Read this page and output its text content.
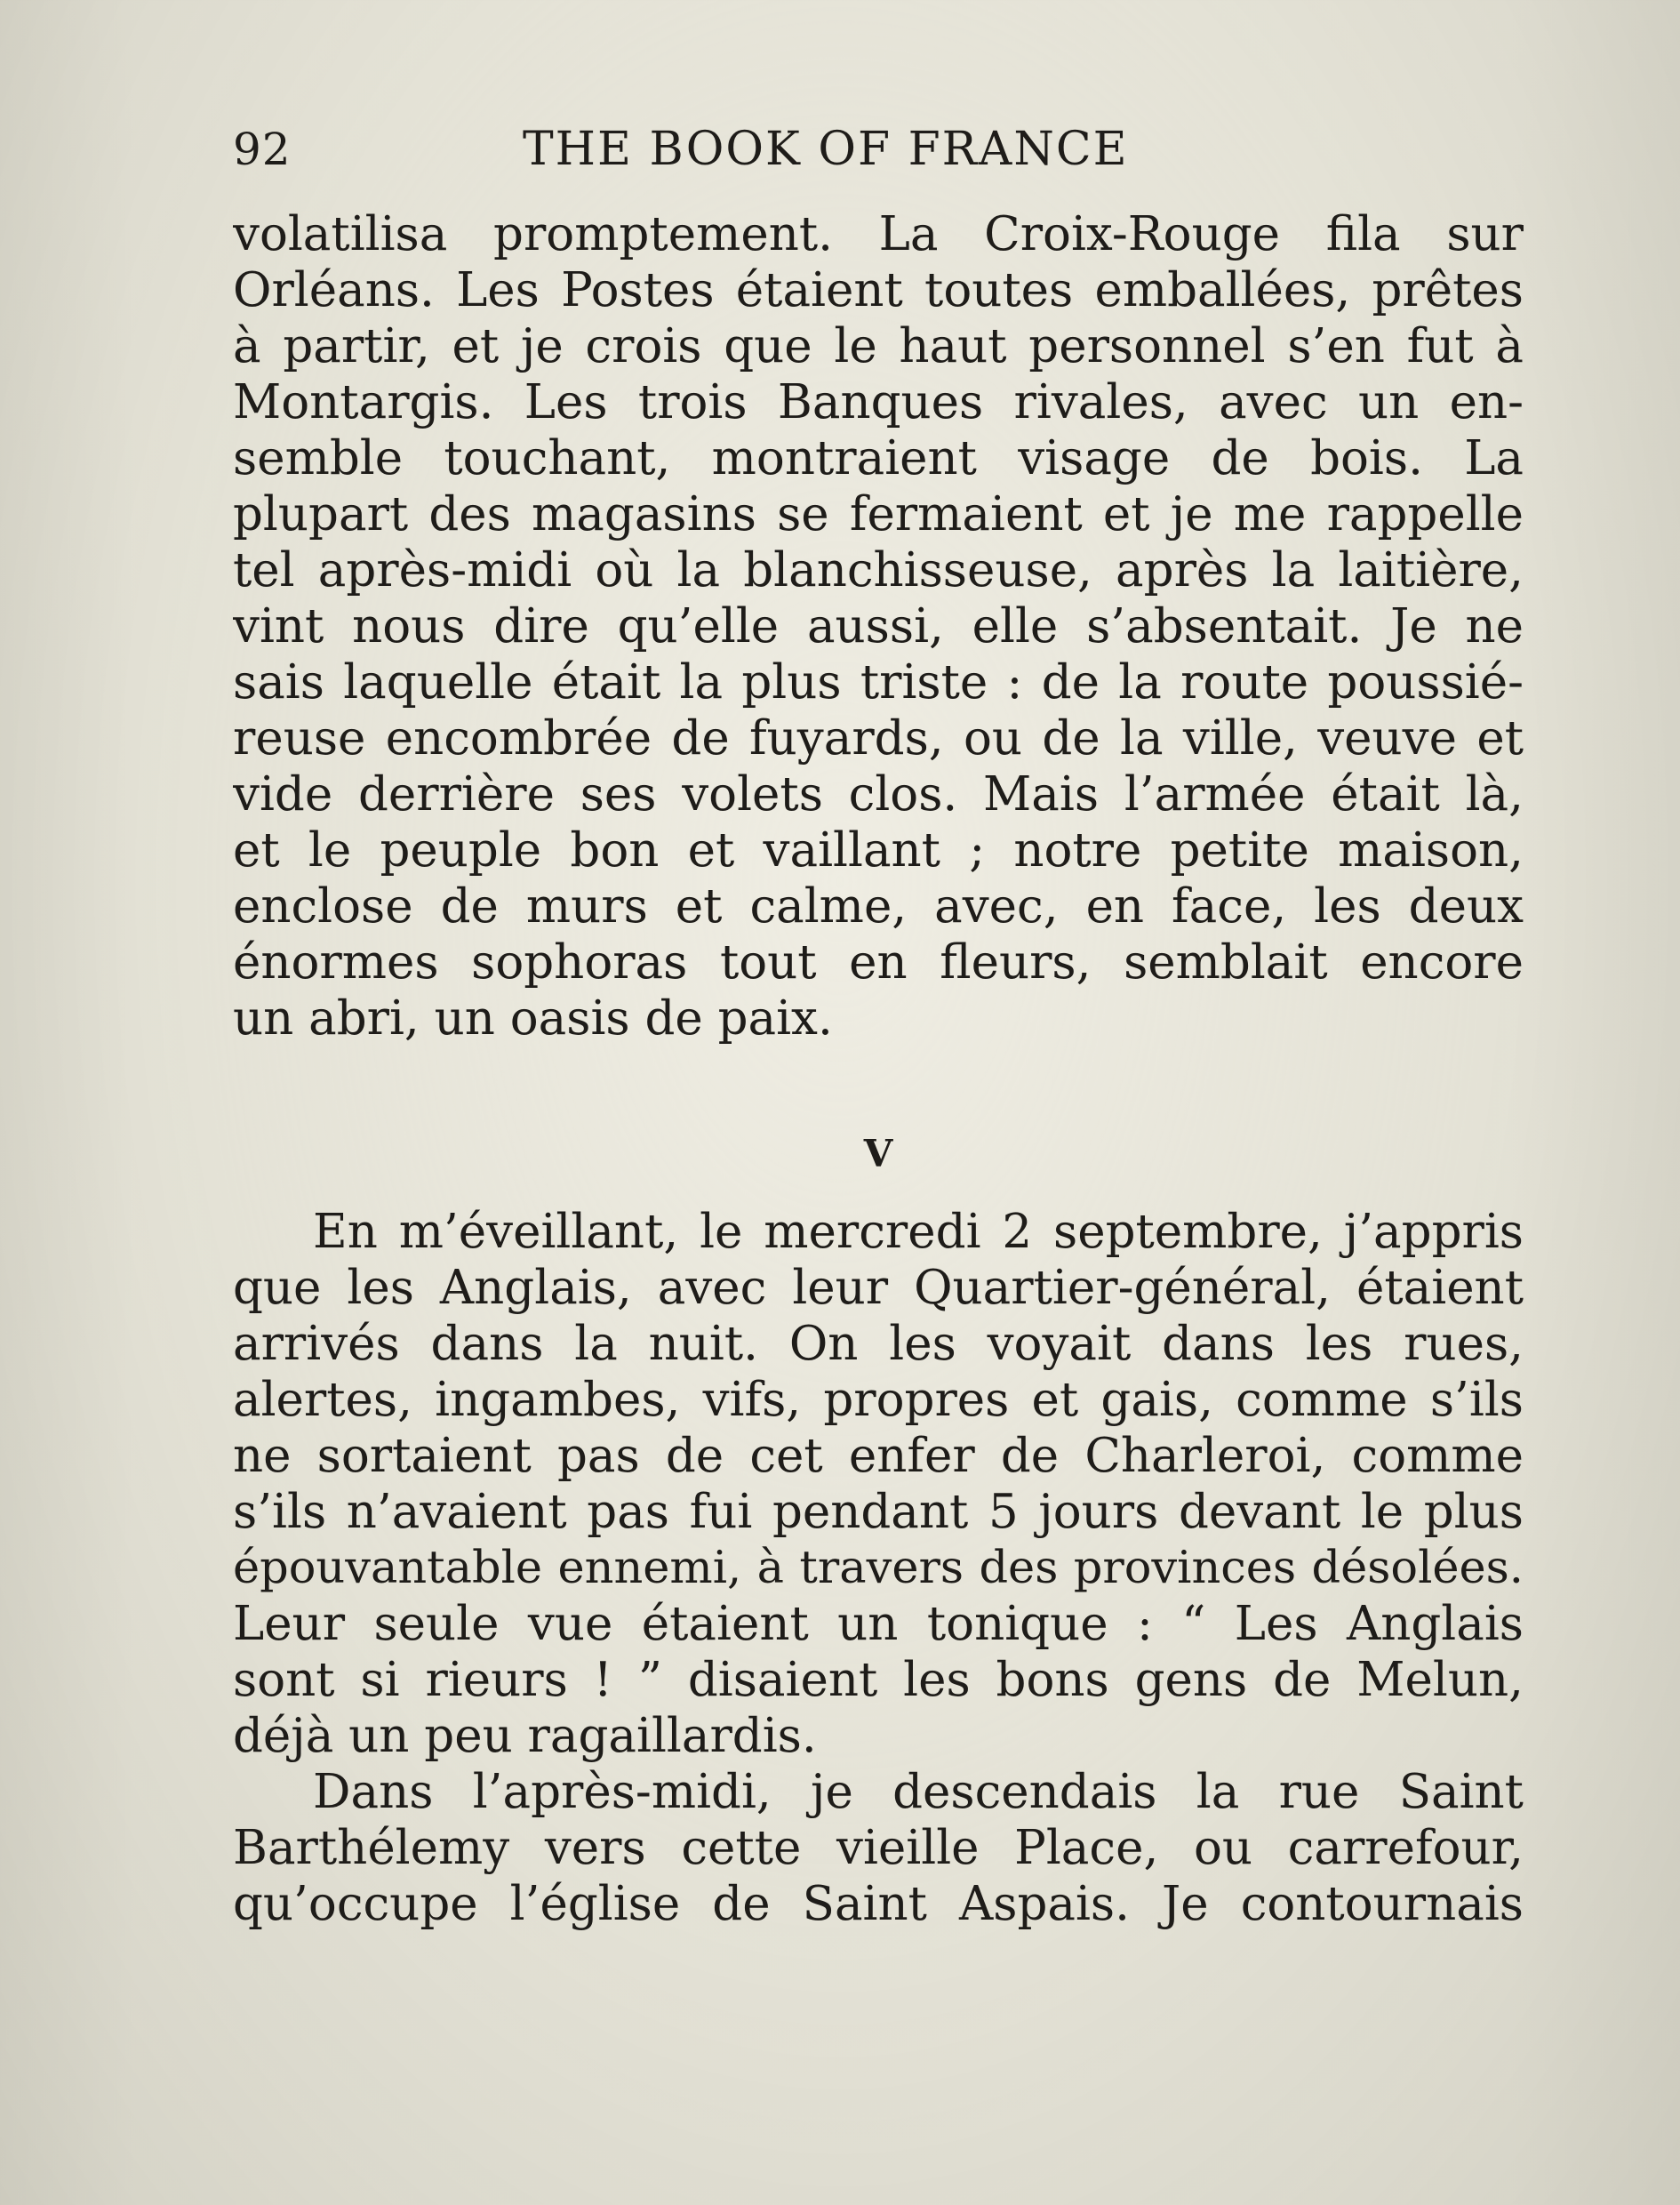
92	THE BOOK OF FRANCE
volatilisa promptement. La Croix-Rouge fila sur
Orléans. Les Postes étaient toutes emballées, prêtes
à partir, et je crois que le haut personnel s’en fut à
Montargis. Les trois Banques rivales, avec un en-
semble touchant, montraient visage de bois. La
plupart des magasins se fermaient et je me rappelle
tel après-midi où la blanchisseuse, après la laitière,
vint nous dire qu’elle aussi, elle s’absentait. Je ne
sais laquelle était la plus triste : de la route poussié-
reuse encombrée de fuyards, ou de la ville, veuve et
vide derrière ses volets clos. Mais l’armée était là,
et le peuple bon et vaillant ; notre petite maison,
enclose de murs et calme, avec, en face, les deux
énormes sophoras tout en fleurs, semblait encore
un abri, un oasis de paix.
V
En m’éveillant, le mercredi 2 septembre, j’appris
que les Anglais, avec leur Quartier-général, étaient
arrivés dans la nuit. On les voyait dans les rues,
alertes, ingambes, vifs, propres et gais, comme s’ils
ne sortaient pas de cet enfer de Charleroi, comme
s’ils n’avaient pas fui pendant 5 jours devant le plus
épouvantable ennemi, à travers des provinces désolées.
Leur seule vue étaient un tonique : “ Les Anglais
sont si rieurs ! ” disaient les bons gens de Melun,
déjà un peu ragaillardis.
Dans l’après-midi, je descendais la rue Saint
Barthélemy vers cette vieille Place, ou carrefour,
qu’occupe l’église de Saint Aspais. Je contournais
